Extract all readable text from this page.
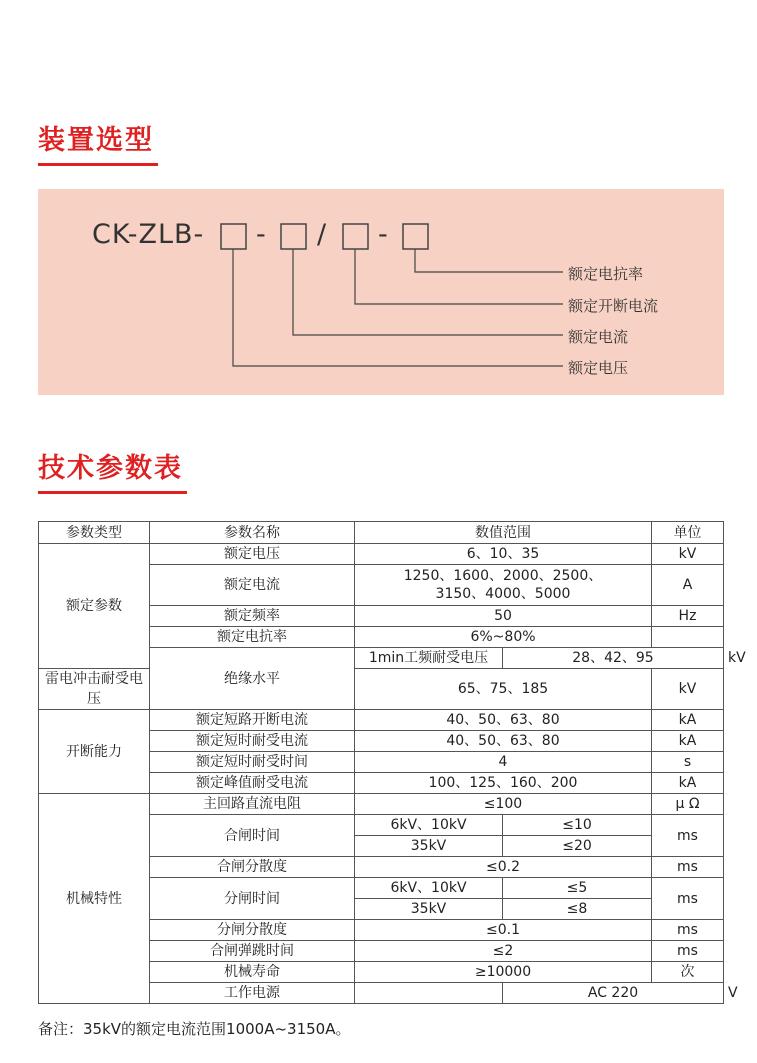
装置选型
CK-ZLB- - / -
额定电抗率
额定开断电流
额定电流
额定电压
技术参数表
参数类型	参数名称	数值范围		单位	
额定参数	额定电压	6、10、35		kV	
	额定电流	1250、1600、2000、2500、
3150、4000、5000		A	
	额定频率	50		Hz	
	额定电抗率	6%~80%			
	绝缘水平	1min工频耐受电压	28、42、95		kV
雷电冲击耐受电压		65、75、185		kV	
开断能力	额定短路开断电流	40、50、63、80		kA	
	额定短时耐受电流	40、50、63、80		kA	
	额定短时耐受时间	4		s	
	额定峰值耐受电流	100、125、160、200		kA	
机械特性	主回路直流电阻	≤100		μ Ω	
	合闸时间	6kV、10kV	≤10	ms	
		35kV	≤20		
	合闸分散度	≤0.2		ms	
	分闸时间	6kV、10kV	≤5	ms	
		35kV	≤8		
	分闸分散度	≤0.1		ms	
	合闸弹跳时间	≤2		ms	
	机械寿命	≥10000		次	
	工作电源		AC 220		V
备注：35kV的额定电流范围1000A~3150A。
